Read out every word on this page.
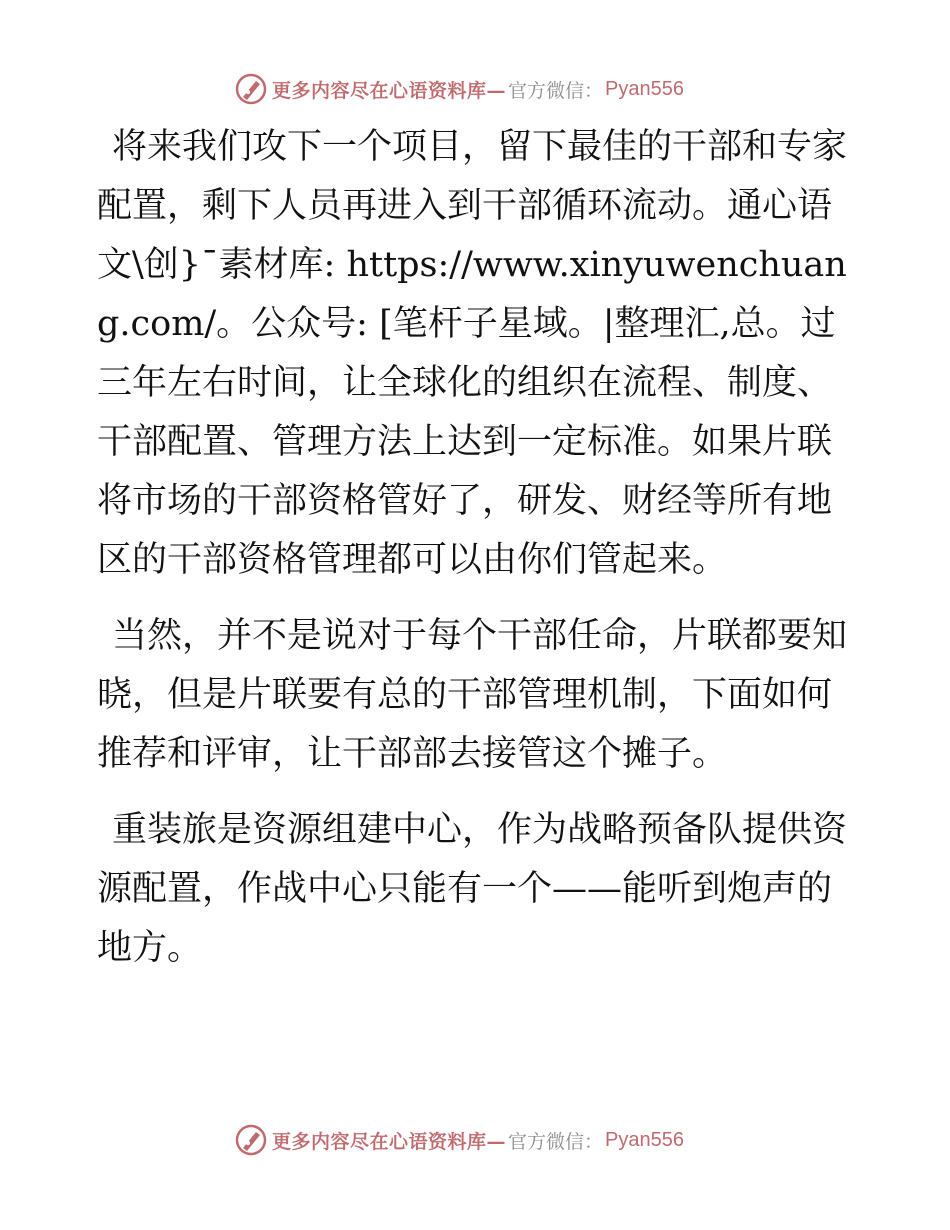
更多内容尽在心语资料库— 官方微信： Pyan556

将来我们攻下一个项目，留下最佳的干部和专家配置，剩下人员再进入到干部循环流动。通心语文\创}¯素材库: https://www.xinyuwenchuang.com/。公众号: [笔杆子星域。|整理汇,总。过三年左右时间，让全球化的组织在流程、制度、干部配置、管理方法上达到一定标准。如果片联将市场的干部资格管好了，研发、财经等所有地区的干部资格管理都可以由你们管起来。

当然，并不是说对于每个干部任命，片联都要知晓，但是片联要有总的干部管理机制，下面如何推荐和评审，让干部部去接管这个摊子。

重装旅是资源组建中心，作为战略预备队提供资源配置，作战中心只能有一个——能听到炮声的地方。

更多内容尽在心语资料库— 官方微信： Pyan556
